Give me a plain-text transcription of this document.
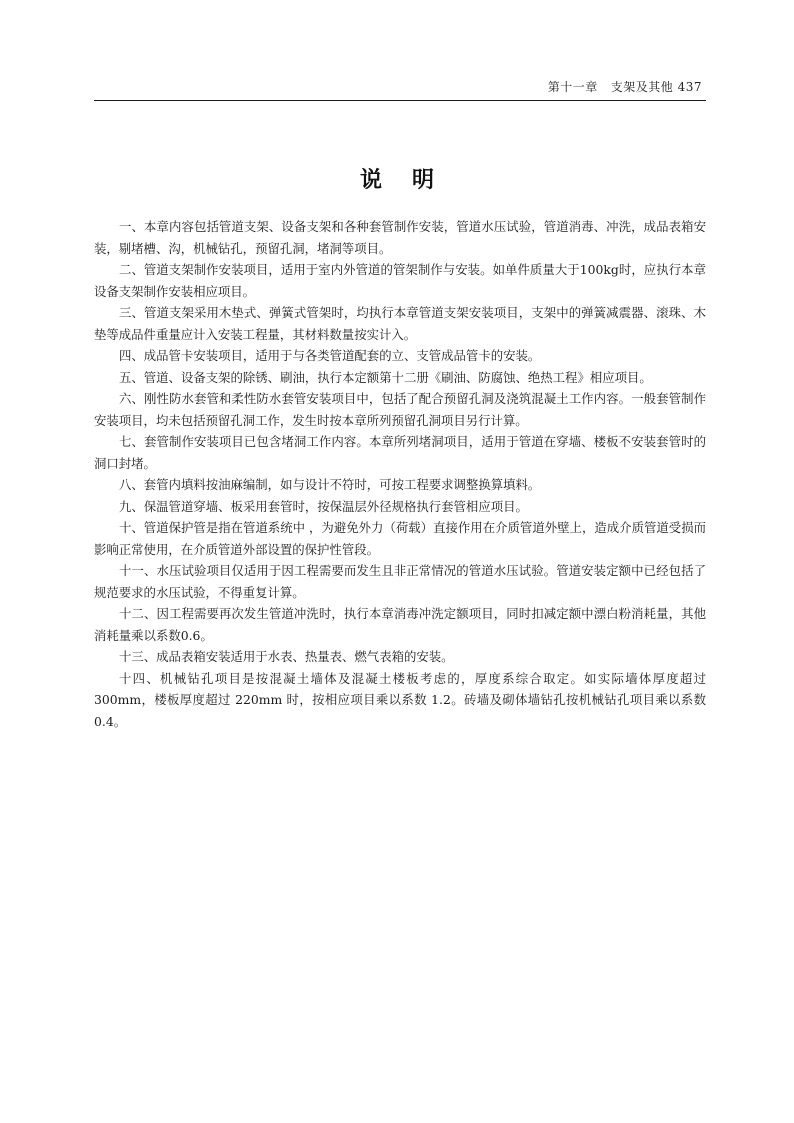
第十一章 支架及其他 437
说明

一、本章内容包括管道支架、设备支架和各种套管制作安装，管道水压试验，管道消毒、冲洗，成品表箱安装，剔堵槽、沟，机械钻孔，预留孔洞，堵洞等项目。

二、管道支架制作安装项目，适用于室内外管道的管架制作与安装。如单件质量大于100kg时，应执行本章设备支架制作安装相应项目。

三、管道支架采用木垫式、弹簧式管架时，均执行本章管道支架安装项目，支架中的弹簧减震器、滚珠、木垫等成品件重量应计入安装工程量，其材料数量按实计入。

四、成品管卡安装项目，适用于与各类管道配套的立、支管成品管卡的安装。

五、管道、设备支架的除锈、刷油，执行本定额第十二册《刷油、防腐蚀、绝热工程》相应项目。

六、刚性防水套管和柔性防水套管安装项目中，包括了配合预留孔洞及浇筑混凝土工作内容。一般套管制作安装项目，均未包括预留孔洞工作，发生时按本章所列预留孔洞项目另行计算。

七、套管制作安装项目已包含堵洞工作内容。本章所列堵洞项目，适用于管道在穿墙、楼板不安装套管时的洞口封堵。

八、套管内填料按油麻编制，如与设计不符时，可按工程要求调整换算填料。

九、保温管道穿墙、板采用套管时，按保温层外径规格执行套管相应项目。

十、管道保护管是指在管道系统中 ，为避免外力（荷载）直接作用在介质管道外壁上，造成介质管道受损而影响正常使用，在介质管道外部设置的保护性管段。

十一、水压试验项目仅适用于因工程需要而发生且非正常情况的管道水压试验。管道安装定额中已经包括了规范要求的水压试验，不得重复计算。

十二、因工程需要再次发生管道冲洗时，执行本章消毒冲洗定额项目，同时扣减定额中漂白粉消耗量，其他消耗量乘以系数0.6。

十三、成品表箱安装适用于水表、热量表、燃气表箱的安装。

十四、机械钻孔项目是按混凝土墙体及混凝土楼板考虑的，厚度系综合取定。如实际墙体厚度超过 300mm，楼板厚度超过 220mm 时，按相应项目乘以系数 1.2。砖墙及砌体墙钻孔按机械钻孔项目乘以系数 0.4。
